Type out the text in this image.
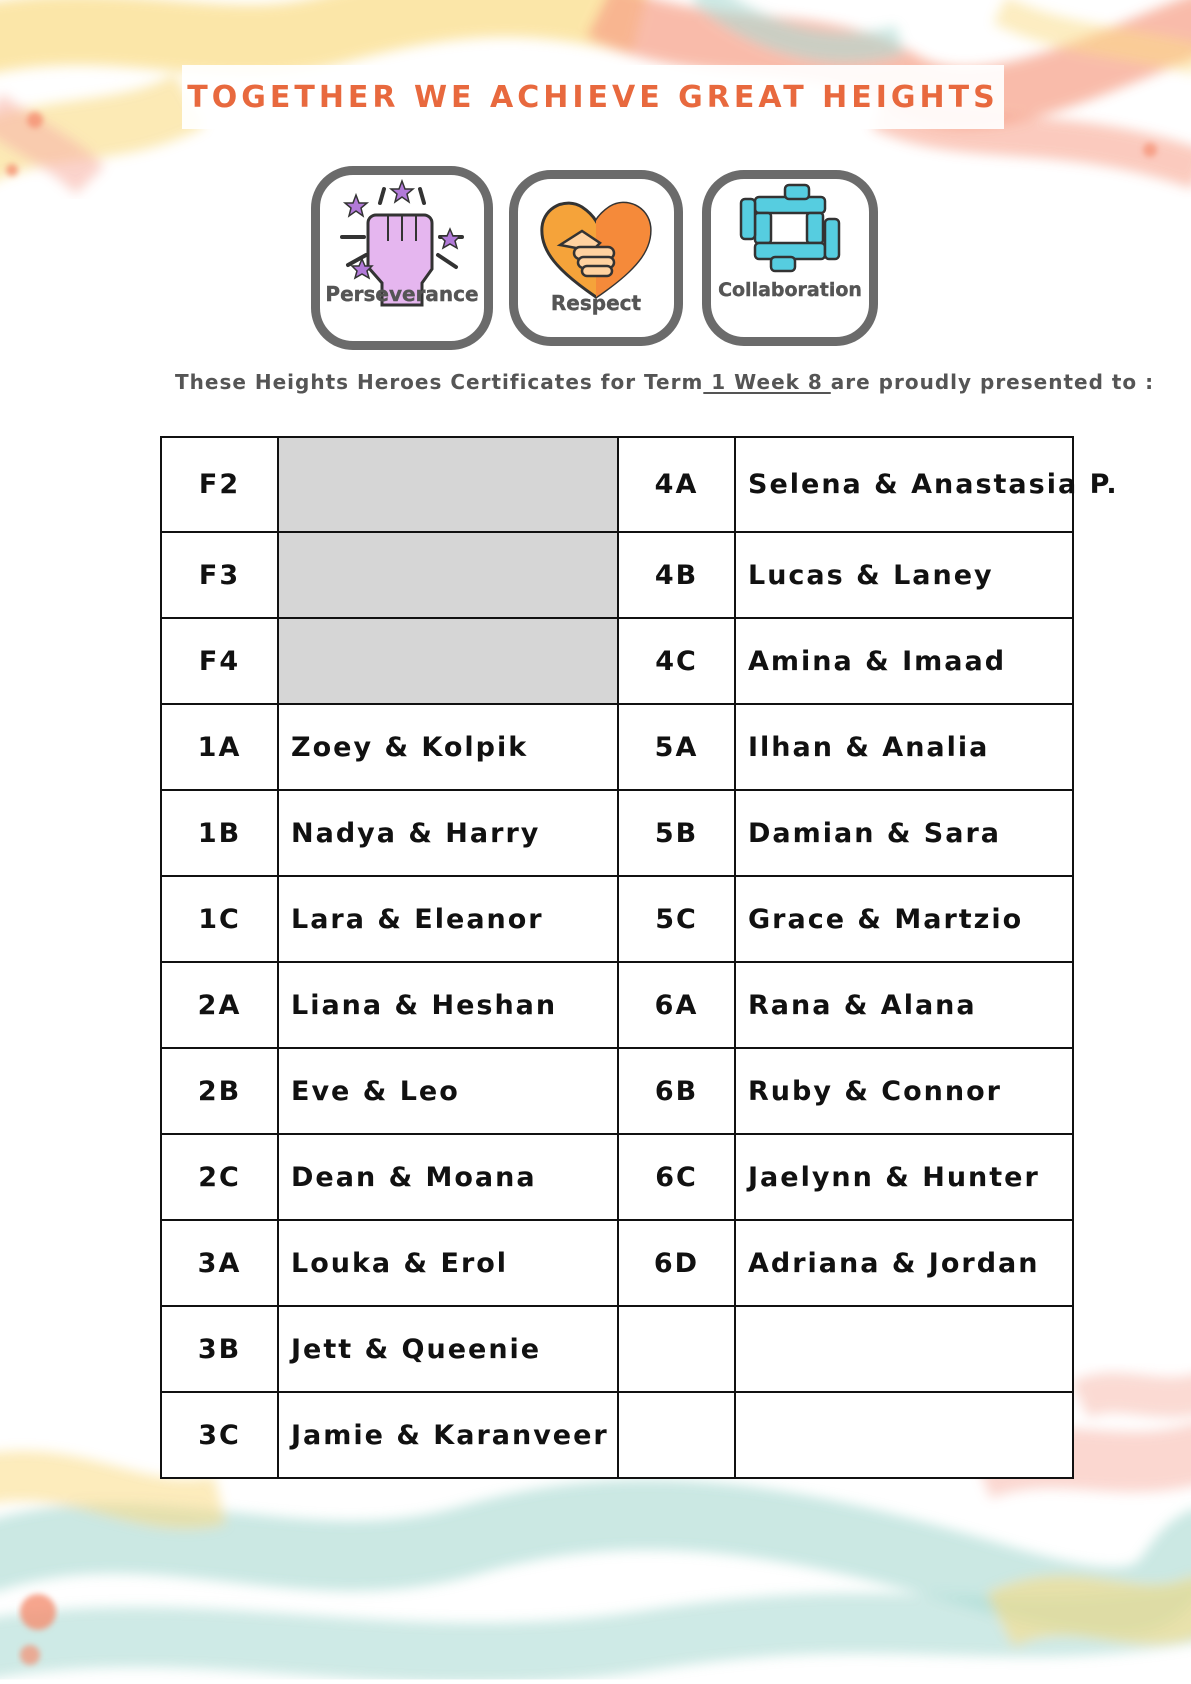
TOGETHER WE ACHIEVE GREAT HEIGHTS
Perseverance	Respect
Collaboration

These Heights Heroes Certificates for Term 1 Week 8 are proudly presented to :

F2		4A	Selena & Anastasia P.
F3		4B	Lucas & Laney
F4		4C	Amina & Imaad
1A	Zoey & Kolpik	5A	Ilhan & Analia
1B	Nadya & Harry	5B	Damian & Sara
1C	Lara & Eleanor	5C	Grace & Martzio
2A	Liana & Heshan	6A	Rana & Alana
2B	Eve & Leo	6B	Ruby & Connor
2C	Dean & Moana	6C	Jaelynn & Hunter
3A	Louka & Erol	6D	Adriana & Jordan
3B	Jett & Queenie		
3C	Jamie & Karanveer		
